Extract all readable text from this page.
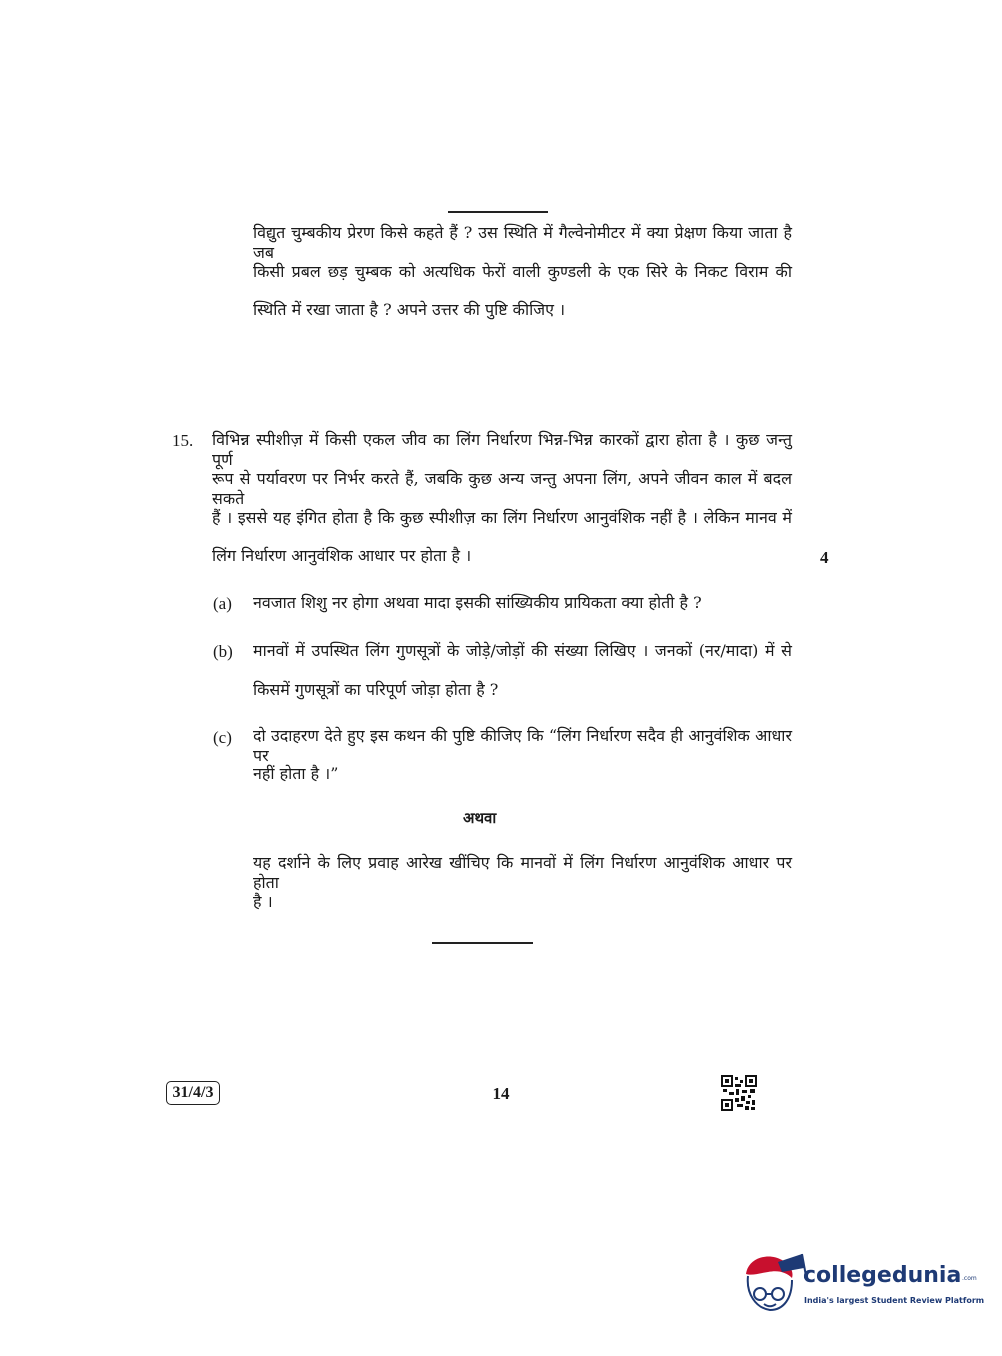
विद्युत चुम्बकीय प्रेरण किसे कहते हैं ? उस स्थिति में गैल्वेनोमीटर में क्या प्रेक्षण किया जाता है जब
किसी प्रबल छड़ चुम्बक को अत्यधिक फेरों वाली कुण्डली के एक सिरे के निकट विराम की
स्थिति में रखा जाता है ? अपने उत्तर की पुष्टि कीजिए ।
15. विभिन्न स्पीशीज़ में किसी एकल जीव का लिंग निर्धारण भिन्न-भिन्न कारकों द्वारा होता है । कुछ जन्तु पूर्ण
रूप से पर्यावरण पर निर्भर करते हैं, जबकि कुछ अन्य जन्तु अपना लिंग, अपने जीवन काल में बदल सकते
हैं । इससे यह इंगित होता है कि कुछ स्पीशीज़ का लिंग निर्धारण आनुवंशिक नहीं है । लेकिन मानव में
लिंग निर्धारण आनुवंशिक आधार पर होता है ।	4
(a) नवजात शिशु नर होगा अथवा मादा इसकी सांख्यिकीय प्रायिकता क्या होती है ?
(b) मानवों में उपस्थित लिंग गुणसूत्रों के जोड़े/जोड़ों की संख्या लिखिए । जनकों (नर/मादा) में से
किसमें गुणसूत्रों का परिपूर्ण जोड़ा होता है ?
(c) दो उदाहरण देते हुए इस कथन की पुष्टि कीजिए कि “लिंग निर्धारण सदैव ही आनुवंशिक आधार पर
नहीं होता है ।”
अथवा
यह दर्शाने के लिए प्रवाह आरेख खींचिए कि मानवों में लिंग निर्धारण आनुवंशिक आधार पर होता
है ।
31/4/3	14
collegedunia .com
India's largest Student Review Platform
